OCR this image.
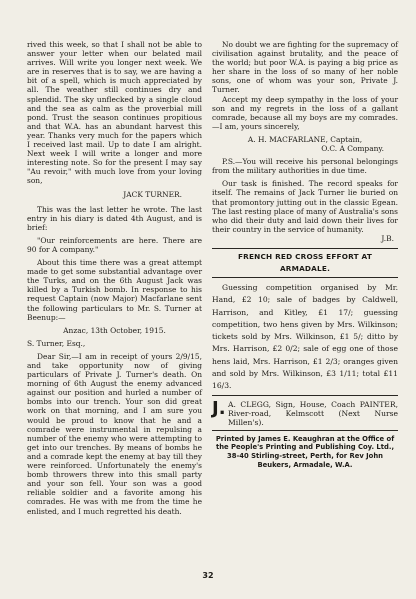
rived this week, so that I shall not be able to answer your letter when our belated mail arrives. Will write you longer next week. We are in reserves that is to say, we are having a bit of a spell, which is much appreciated by all. The weather still continues dry and splendid. The sky unflecked by a single cloud and the sea as calm as the proverbial mill pond. Trust the season continues propitious and that W.A. has an abundant harvest this year. Thanks very much for the papers which I received last mail. Up to date I am alright. Next week I will write a longer and more interesting note. So for the present I may say "Au revoir," with much love from your loving son,

JACK TURNER.

This was the last letter he wrote. The last entry in his diary is dated 4th August, and is brief:

"Our reinforcements are here. There are 90 for A company."

About this time there was a great attempt made to get some substantial advantage over the Turks, and on the 6th August Jack was killed by a Turkish bomb. In response to his request Captain (now Major) Macfarlane sent the following particulars to Mr. S. Turner at Beenup:—

Anzac, 13th October, 1915.

S. Turner, Esq.,

Dear Sir,—I am in receipt of yours 2/9/15, and take opportunity now of giving particulars of Private J. Turner's death. On morning of 6th August the enemy advanced against our position and hurled a number of bombs into our trench. Your son did great work on that morning, and I am sure you would be proud to know that he and a comrade were instrumental in repulsing a number of the enemy who were attempting to get into our trenches. By means of bombs he and a comrade kept the enemy at bay till they were reinforced. Unfortunately the enemy's bomb throwers threw into this small party and your son fell. Your son was a good reliable soldier and a favorite among his comrades. He was with me from the time he enlisted, and I much regretted his death.

No doubt we are fighting for the supremacy of civilisation against brutality, and the peace of the world; but poor W.A. is paying a big price as her share in the loss of so many of her noble sons, one of whom was your son, Private J. Turner.

Accept my deep sympathy in the loss of your son and my regrets in the loss of a gallant comrade, because all my boys are my comrades.—I am, yours sincerely,

A. H. MACFARLANE, Captain,

O.C. A Company.

P.S.—You will receive his personal belongings from the military authorities in due time.

Our task is finished. The record speaks for itself. The remains of Jack Turner lie buried on that promontory jutting out in the classic Egean. The last resting place of many of Australia's sons who did their duty and laid down their lives for their country in the service of humanity.

J.B.

FRENCH RED CROSS EFFORT AT
ARMADALE.

Guessing competition organised by Mr. Hand, £2 10; sale of badges by Caldwell, Harrison, and Kitley, £1 17/; guessing competition, two hens given by Mrs. Wilkinson; tickets sold by Mrs. Wilkinson, £1 5/; ditto by Mrs. Harrison, £2 0/2; sale of egg one of those hens laid, Mrs. Harrison, £1 2/3; oranges given and sold by Mrs. Wilkinson, £3 1/11; total £11 16/3.

J. A. CLEGG, Sign, House, Coach PAINTER, River-road, Kelmscott (Next Nurse Millen's).

Printed by James E. Keaughran at the Office of the People's Printing and Publishing Coy. Ltd., 38-40 Stirling-street, Perth, for Rev John Beukers, Armadale, W.A.

32
